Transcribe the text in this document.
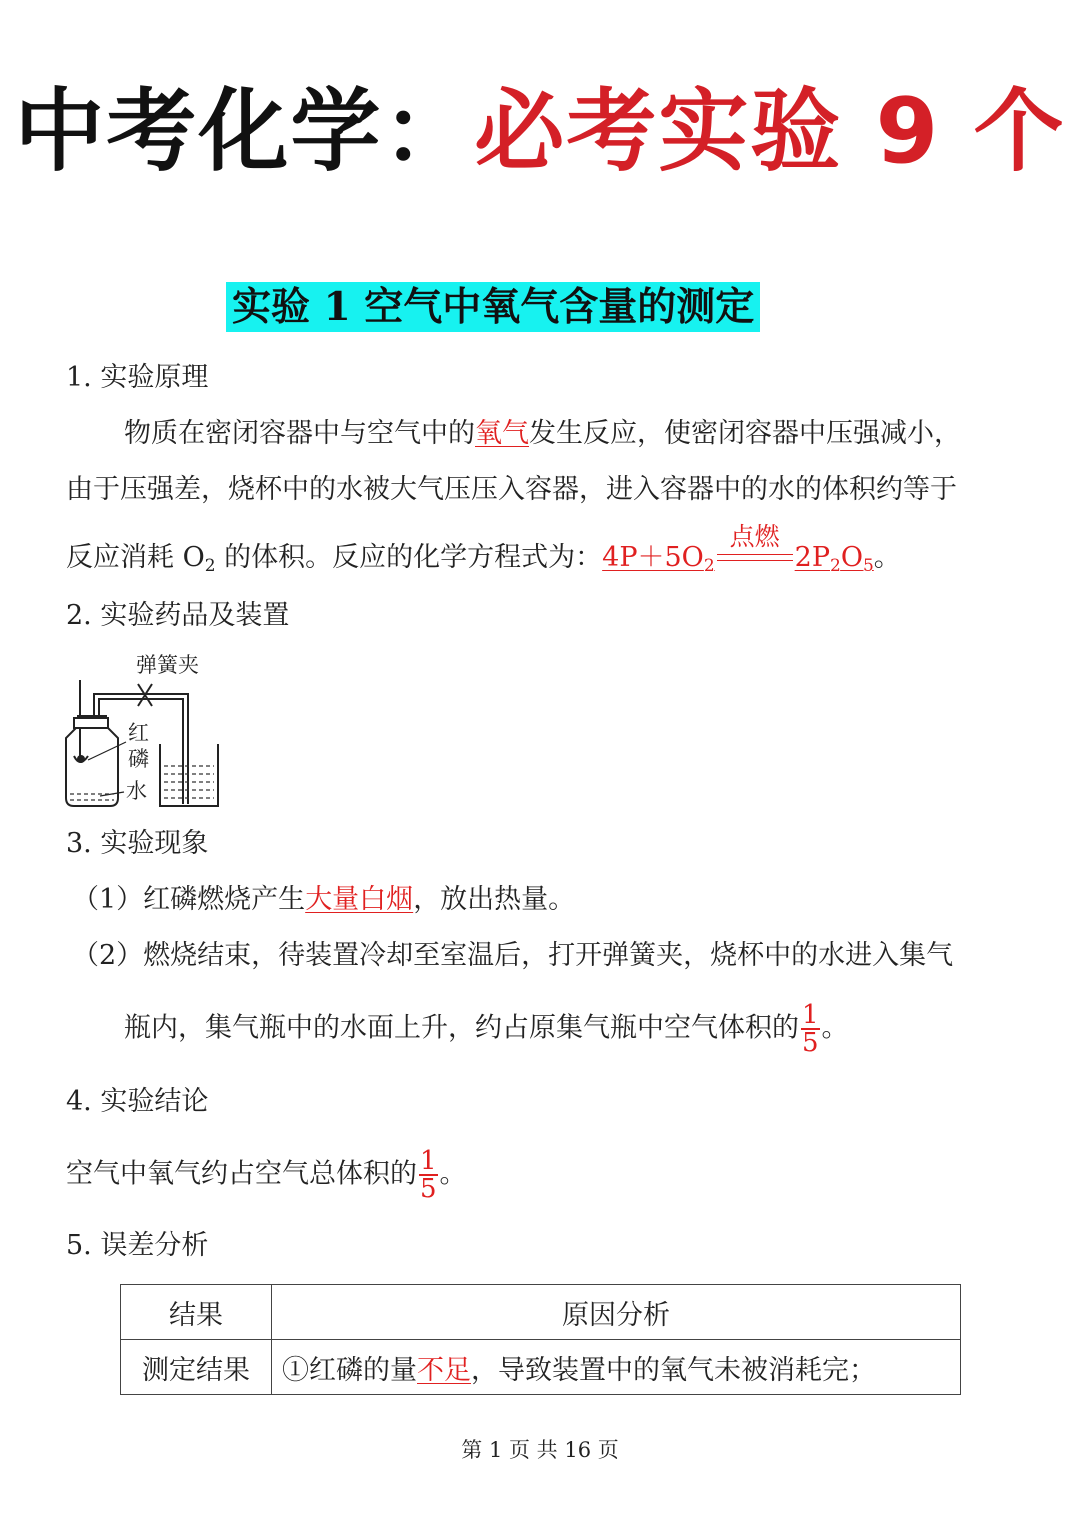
中考化学：必考实验 9 个
实验 1 空气中氧气含量的测定
1. 实验原理
物质在密闭容器中与空气中的氧气发生反应，使密闭容器中压强减小，
由于压强差，烧杯中的水被大气压压入容器，进入容器中的水的体积约等于
反应消耗 $O_2$ 的体积。反应的化学方程式为：$4P+5O_2$
点燃
$2P_2O_5$。
2. 实验药品及装置
弹簧夹
红
磷
水
3. 实验现象
（1）红磷燃烧产生大量白烟，放出热量。
（2）燃烧结束，待装置冷却至室温后，打开弹簧夹，烧杯中的水进入集气
瓶内，集气瓶中的水面上升，约占原集气瓶中空气体积的 $\frac{1}{5}$ 。
4. 实验结论
空气中氧气约占空气总体积的 $\frac{1}{5}$ 。
5. 误差分析
结果	原因分析
测定结果	①红磷的量不足，导致装置中的氧气未被消耗完；
第 1 页 共 16 页
